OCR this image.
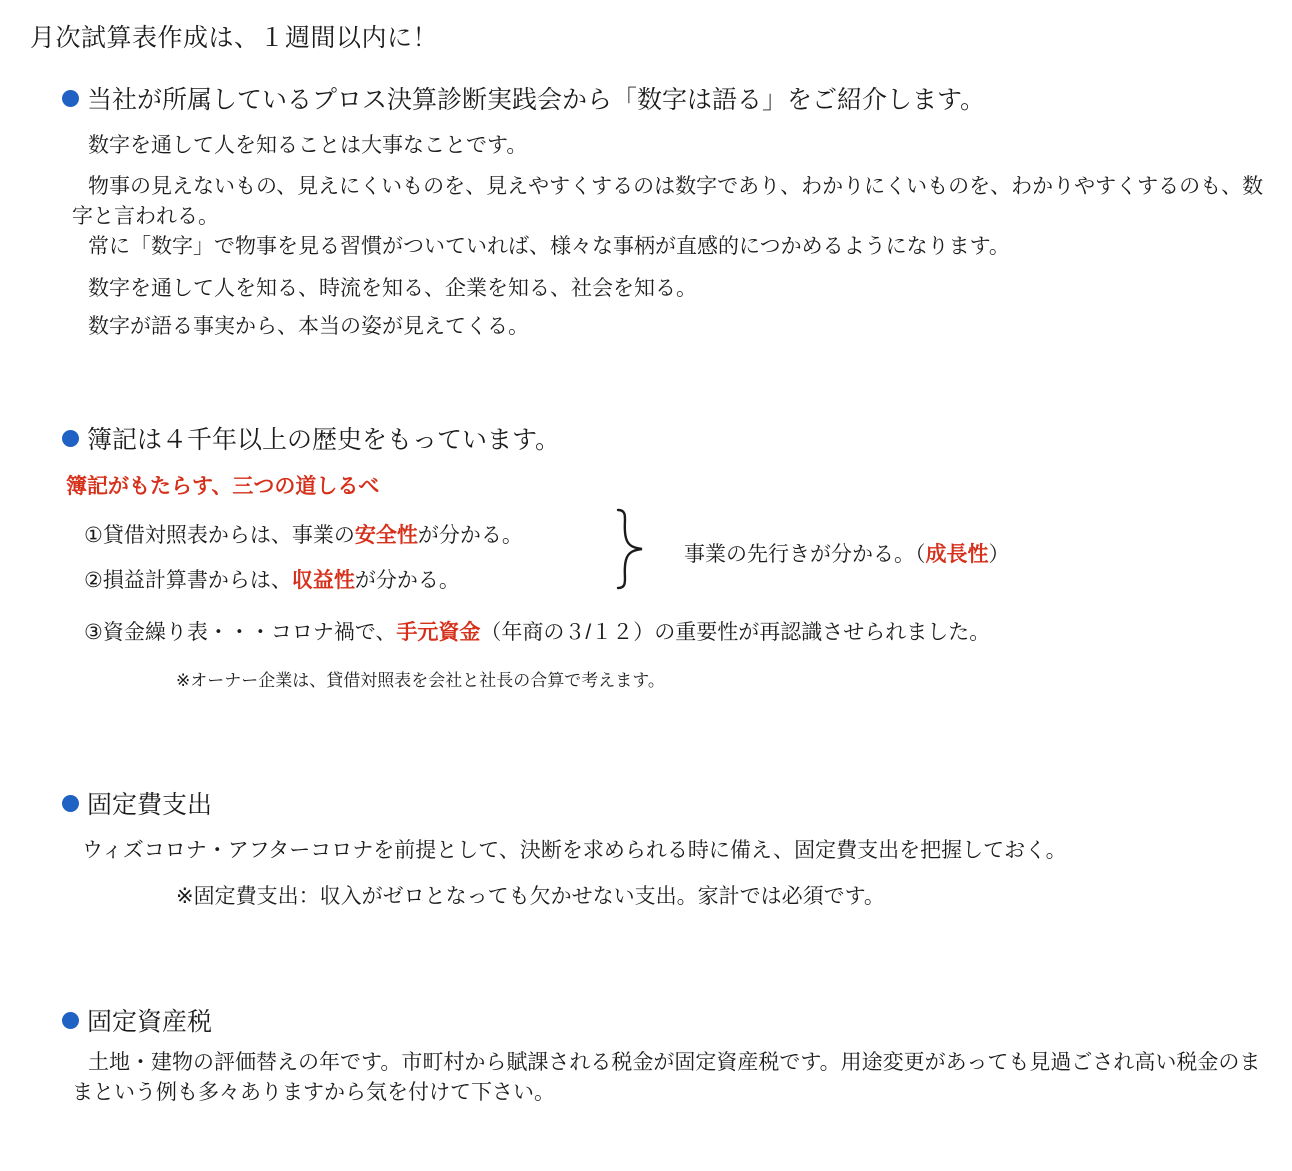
月次試算表作成は、１週間以内に！
当社が所属しているプロス決算診断実践会から「数字は語る」をご紹介します。
数字を通して人を知ることは大事なことです。
物事の見えないもの、見えにくいものを、見えやすくするのは数字であり、わかりにくいものを、わかりやすくするのも、数字と言われる。
常に「数字」で物事を見る習慣がついていれば、様々な事柄が直感的につかめるようになります。
数字を通して人を知る、時流を知る、企業を知る、社会を知る。
数字が語る事実から、本当の姿が見えてくる。
簿記は４千年以上の歴史をもっています。
簿記がもたらす、三つの道しるべ
①貸借対照表からは、事業の安全性が分かる。
②損益計算書からは、収益性が分かる。
③資金繰り表・・・コロナ禍で、手元資金（年商の３/１２）の重要性が再認識させられました。
事業の先行きが分かる。（成長性）
※オーナー企業は、貸借対照表を会社と社長の合算で考えます。
固定費支出
ウィズコロナ・アフターコロナを前提として、決断を求められる時に備え、固定費支出を把握しておく。
※固定費支出：収入がゼロとなっても欠かせない支出。家計では必須です。
固定資産税
土地・建物の評価替えの年です。市町村から賦課される税金が固定資産税です。用途変更があっても見過ごされ高い税金のままという例も多々ありますから気を付けて下さい。
